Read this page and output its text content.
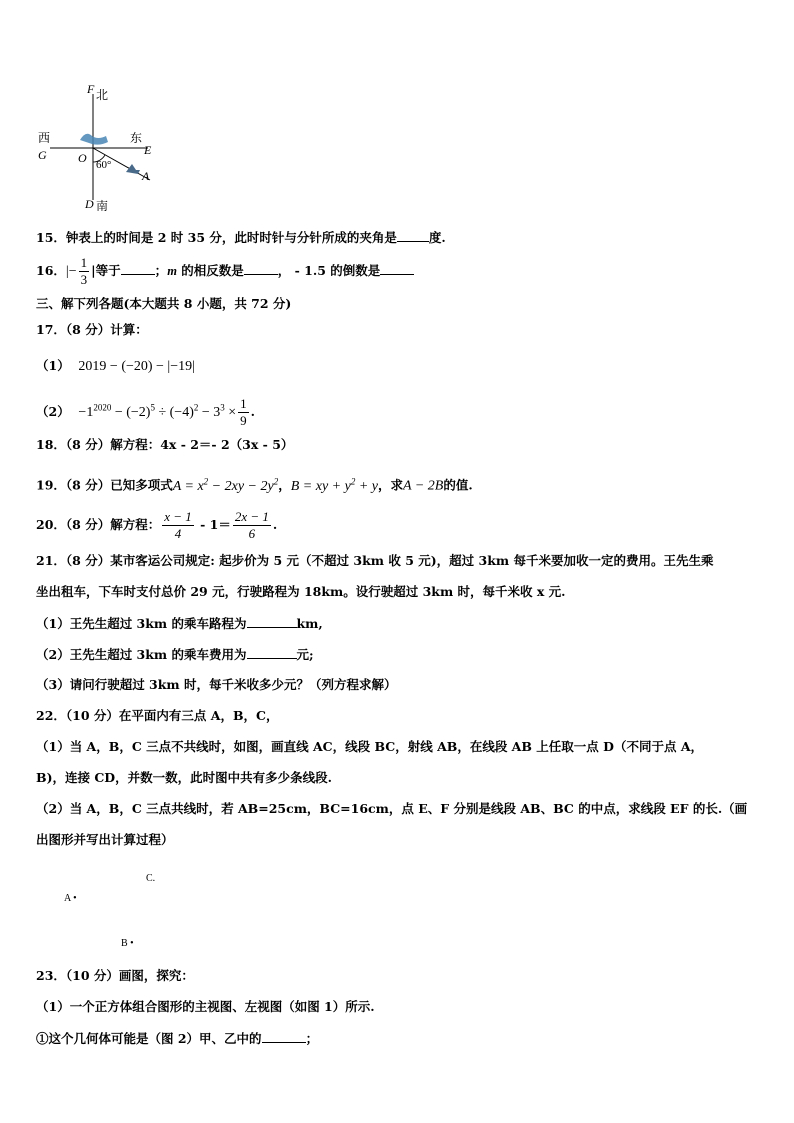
F 北
西	东
G	E
O 60°
A
D 南
15．钟表上的时间是 2 时 35 分，此时时针与分针所成的夹角是	度.
16．|− $\frac{1}{3}$ |等于	；m 的相反数是	， - 1.5 的倒数是
三、解下列各题(本大题共 8 小题，共 72 分)
17．（8 分）计算：
（1） 2019 − (−20) − |−19|
$(2) -1^{2020} - (-2)^5 \div (-4)^2 - 3^3 \times \frac{1}{9}$ .
18．（8 分）解方程：4x - 2＝- 2（3x - 5）
19．（8 分）已知多项式$A = x^2 - 2xy - 2y^2$，B = xy + $y^2 + y$，求A − 2B的值.
20．（8 分）解方程： $\frac{x - 1}{4} - 1= \frac{2x - 1}{6}$ .
21．（8 分）某市客运公司规定: 起步价为 5 元（不超过 3km 收 5 元)，超过 3km 每千米要加收一定的费用。王先生乘
坐出租车，下车时支付总价 29 元，行驶路程为 18km。设行驶超过 3km 时，每千米收 x 元.
（1）王先生超过 3km 的乘车路程为	km,
（2）王先生超过 3km 的乘车费用为	元;
（3）请问行驶超过 3km 时，每千米收多少元？（列方程求解）
22．（10 分）在平面内有三点 A，B，C，
（1）当 A，B，C 三点不共线时，如图，画直线 AC，线段 BC，射线 AB，在线段 AB 上任取一点 D（不同于点 A，
B)，连接 CD，并数一数，此时图中共有多少条线段.
（2）当 A，B，C 三点共线时，若 AB=25cm，BC=16cm，点 E、F 分别是线段 AB、BC 的中点，求线段 EF 的长.（画
出图形并写出计算过程）
A •
B •
C.
23．（10 分）画图，探究：
（1）一个正方体组合图形的主视图、左视图（如图 1）所示.
①这个几何体可能是（图 2）甲、乙中的	；
